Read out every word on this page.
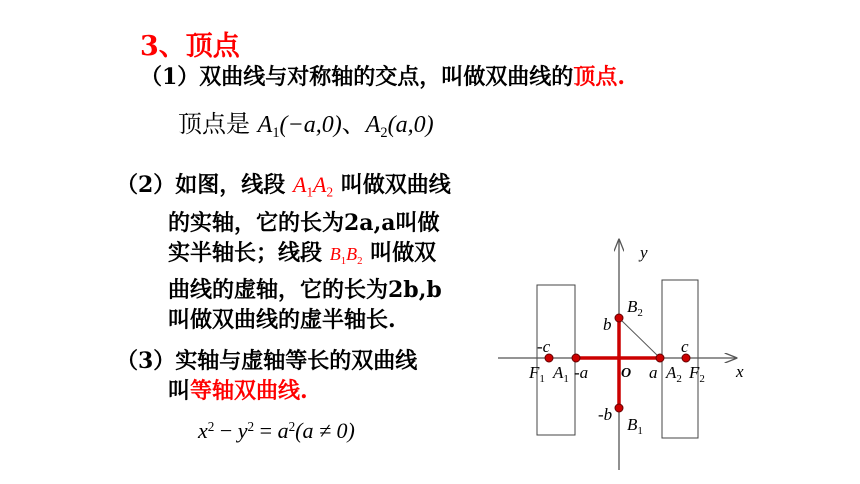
3、顶点
（1）双曲线与对称轴的交点，叫做双曲线的顶点.
顶点是 $A_1(-a,0)$、$A_2(a,0)$
（2）如图，线段 $A_1A_2$ 叫做双曲线
的实轴，它的长为2a,a叫做
实半轴长；线段 $B_1B_2$ 叫做双
曲线的虚轴，它的长为2b,b
叫做双曲线的虚半轴长.
（3）实轴与虚轴等长的双曲线
叫等轴双曲线.
$x^2 - y^2 = a^2(a \ne 0)$
y
x
O
-c	c
-a	a
b
-b
$F_1$ $A_1$	$A_2$ $F_2$
$B_2$
$B_1$
